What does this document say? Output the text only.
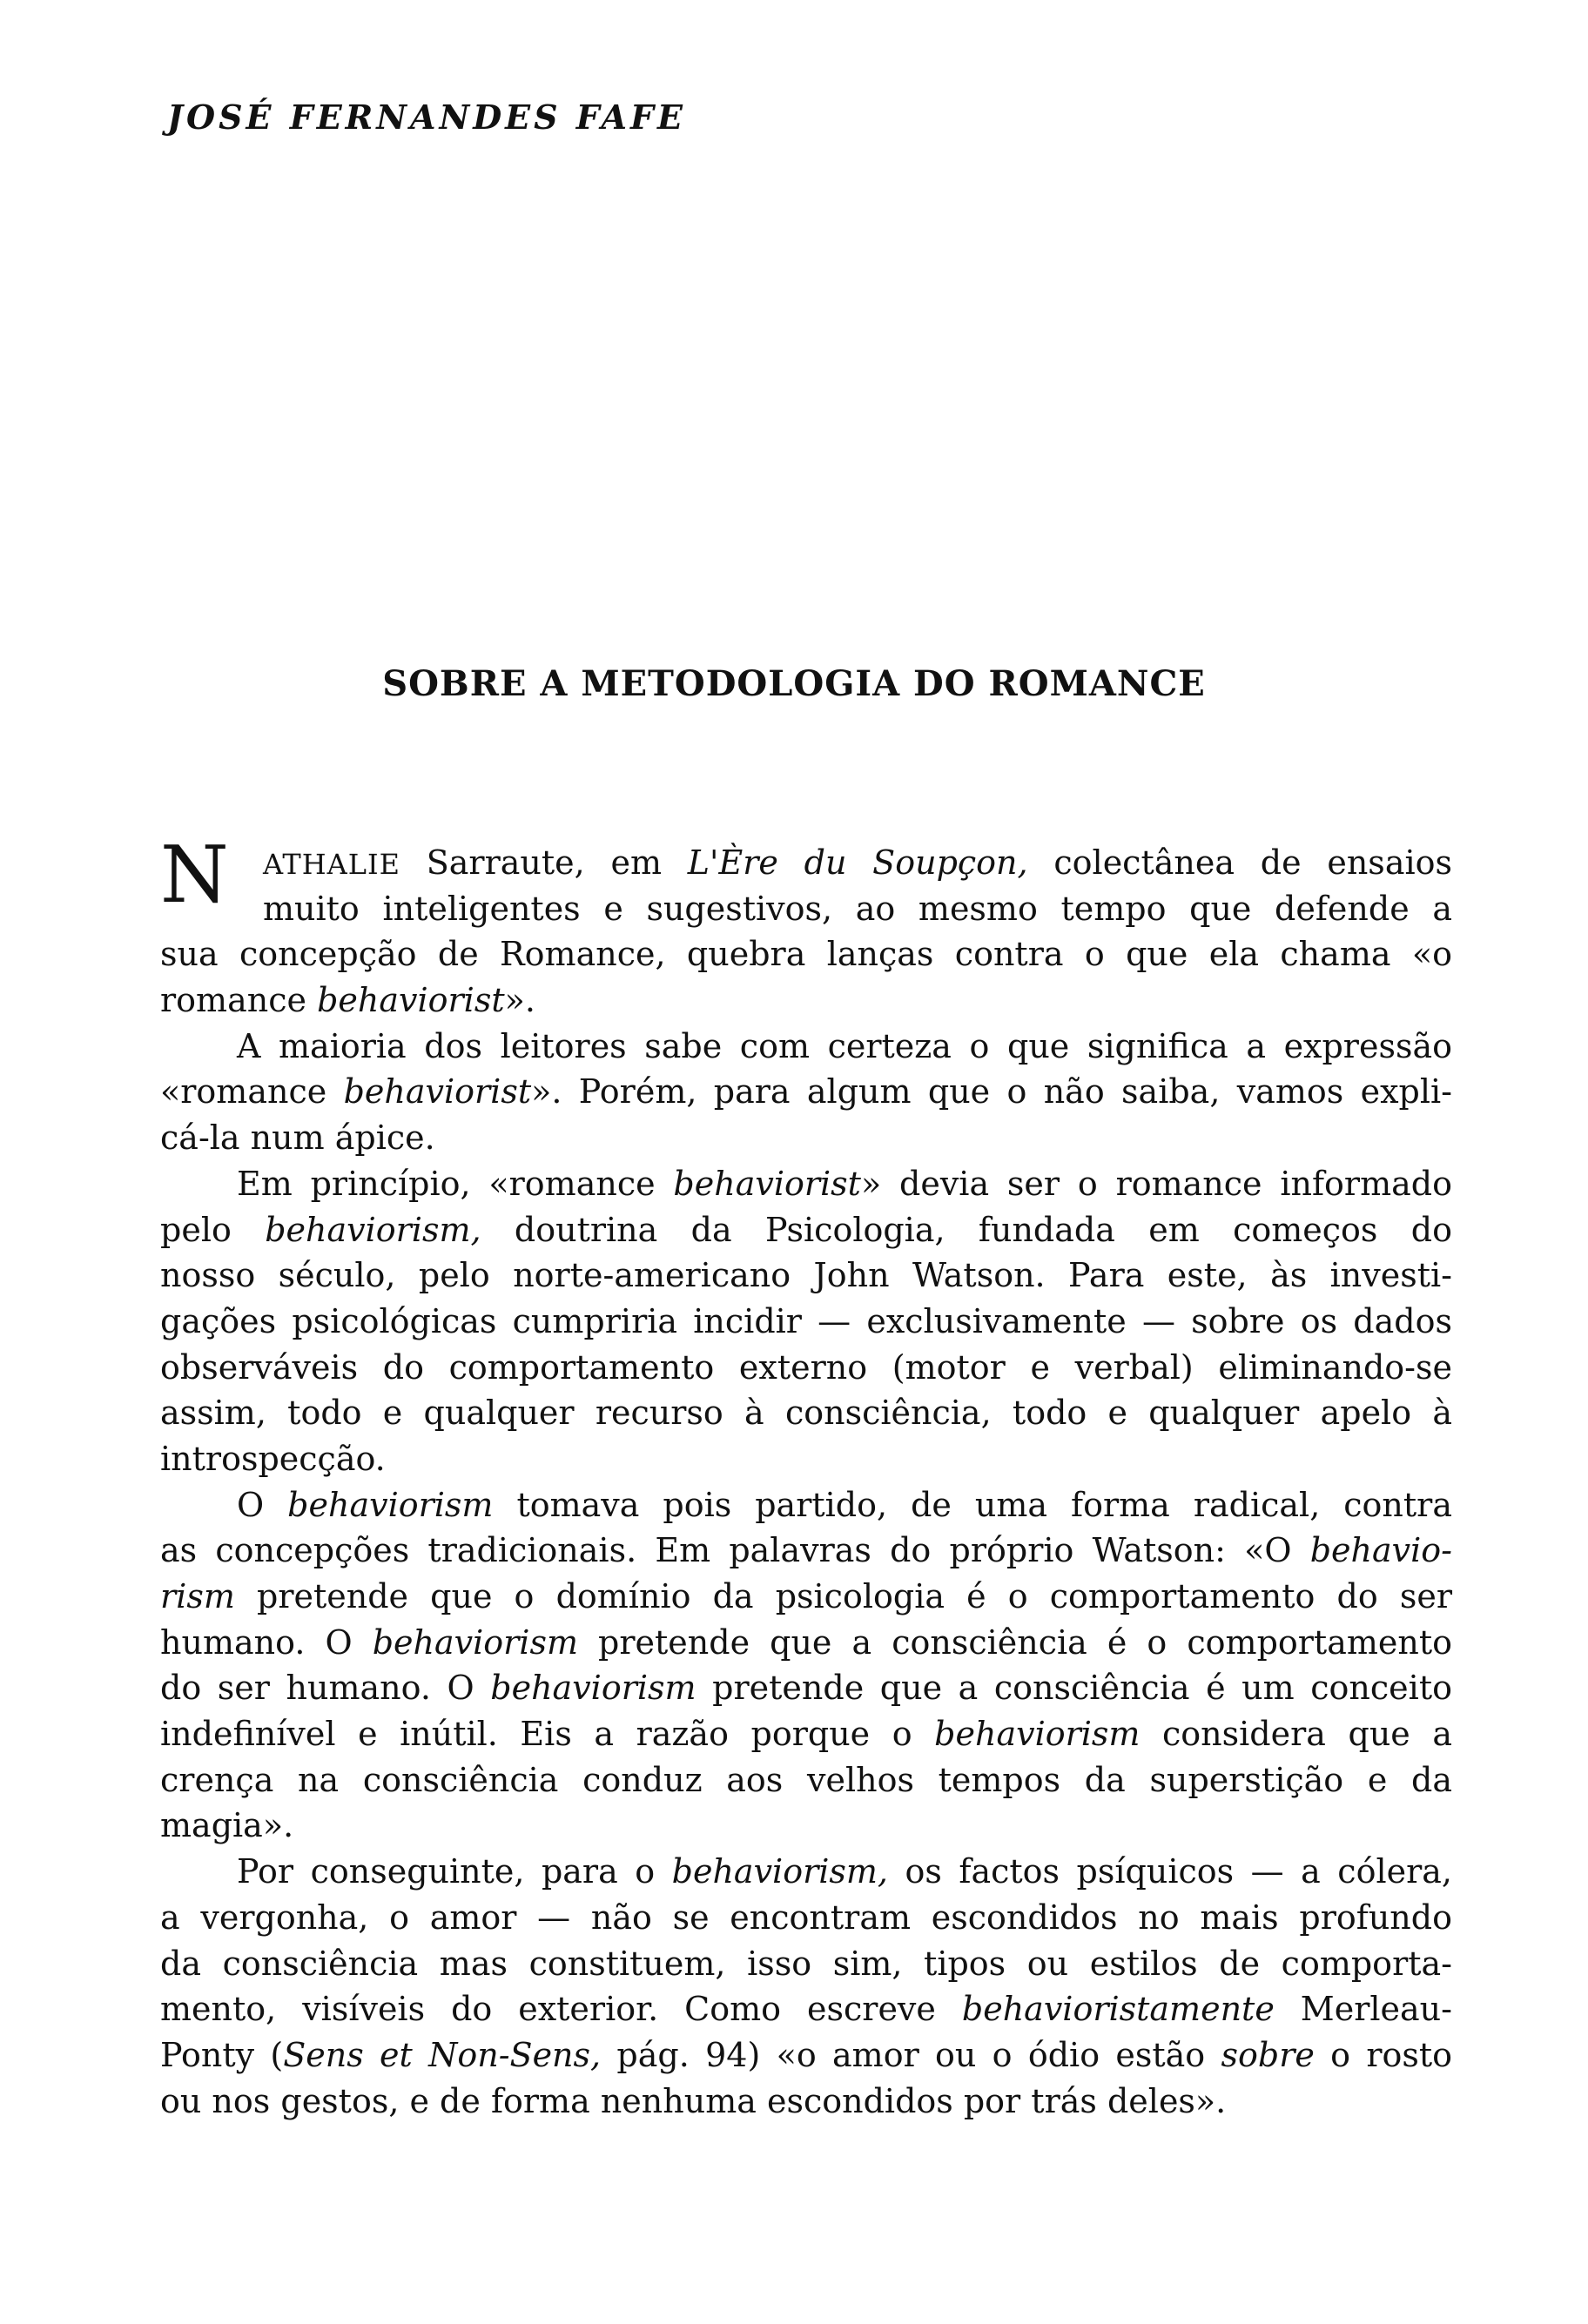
JOSÉ FERNANDES FAFE
SOBRE A METODOLOGIA DO ROMANCE
N	ATHALIE Sarraute, em L'Ère du Soupçon, colectânea de ensaios
muito inteligentes e sugestivos, ao mesmo tempo que defende a
sua concepção de Romance, quebra lanças contra o que ela chama «o
romance behaviorist».
A maioria dos leitores sabe com certeza o que significa a expressão
«romance behaviorist». Porém, para algum que o não saiba, vamos expli-
cá-la num ápice.
Em princípio, «romance behaviorist» devia ser o romance informado
pelo behaviorism, doutrina da Psicologia, fundada em começos do
nosso século, pelo norte-americano John Watson. Para este, às investi-
gações psicológicas cumpriria incidir — exclusivamente — sobre os dados
observáveis do comportamento externo (motor e verbal) eliminando-se
assim, todo e qualquer recurso à consciência, todo e qualquer apelo à
introspecção.
O behaviorism tomava pois partido, de uma forma radical, contra
as concepções tradicionais. Em palavras do próprio Watson: «O behavio-
rism pretende que o domínio da psicologia é o comportamento do ser
humano. O behaviorism pretende que a consciência é o comportamento
do ser humano. O behaviorism pretende que a consciência é um conceito
indefinível e inútil. Eis a razão porque o behaviorism considera que a
crença na consciência conduz aos velhos tempos da superstição e da
magia».
Por conseguinte, para o behaviorism, os factos psíquicos — a cólera,
a vergonha, o amor — não se encontram escondidos no mais profundo
da consciência mas constituem, isso sim, tipos ou estilos de comporta-
mento, visíveis do exterior. Como escreve behavioristamente Merleau-
Ponty (Sens et Non-Sens, pág. 94) «o amor ou o ódio estão sobre o rosto
ou nos gestos, e de forma nenhuma escondidos por trás deles».
